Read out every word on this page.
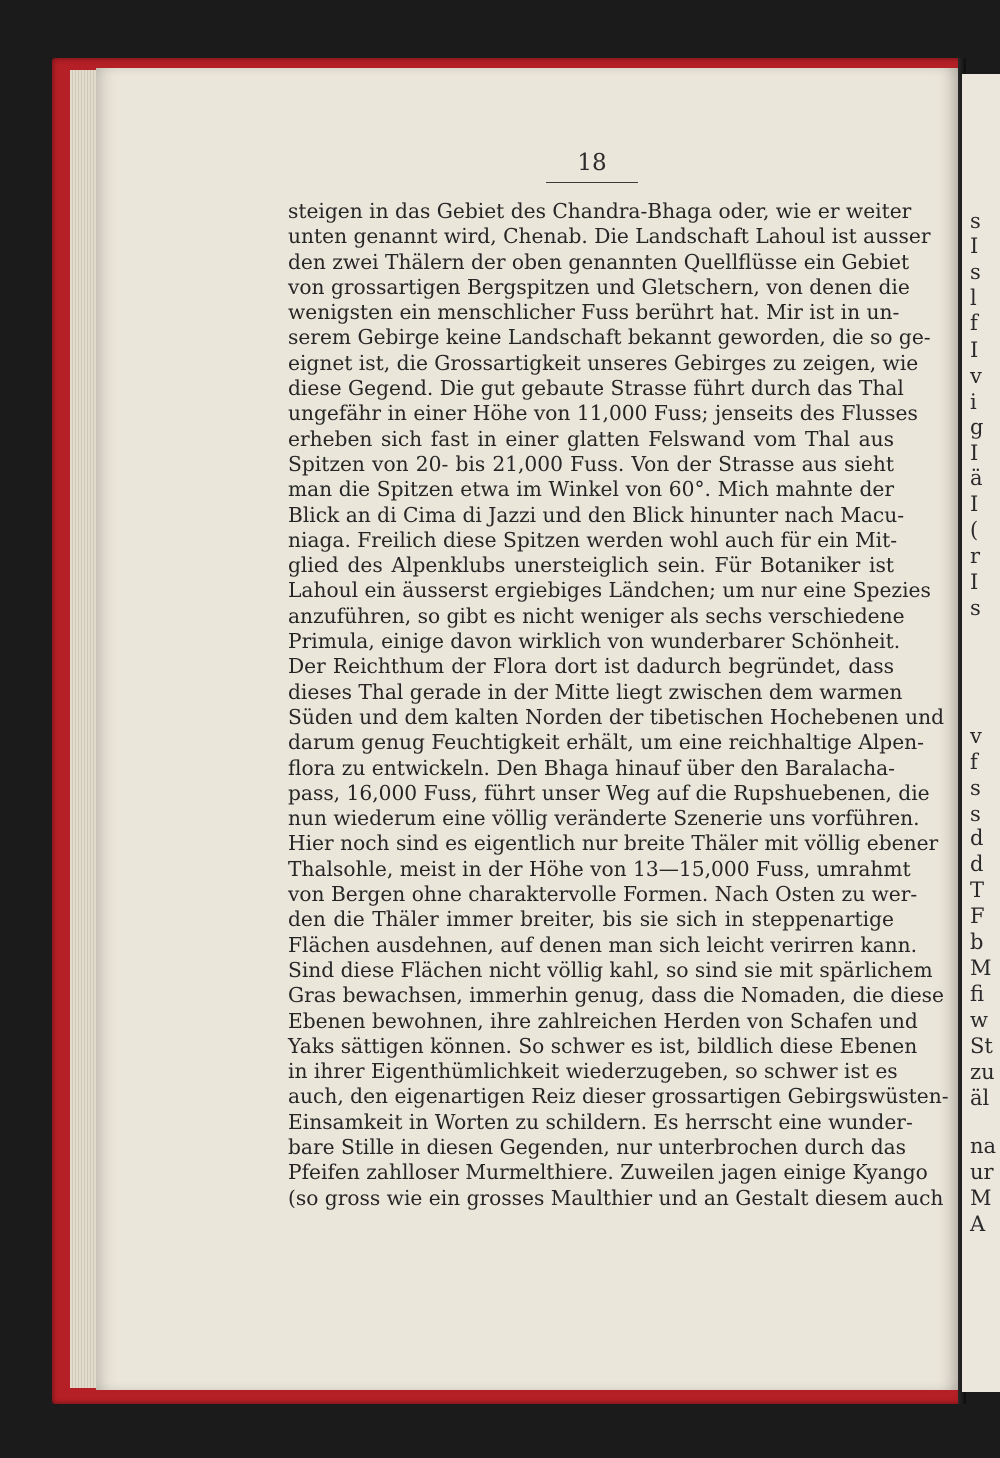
s
I
s
l
f
I
v
i
g
I
ä
I
(
r
I
s
v
f
s
s
d
d
T
F
b
M
fi
w
St
zu
äl
na
ur
M
A
18
steigen in das Gebiet des Chandra-Bhaga oder, wie er weiter
unten genannt wird, Chenab. Die Landschaft Lahoul ist ausser
den zwei Thälern der oben genannten Quellflüsse ein Gebiet
von grossartigen Bergspitzen und Gletschern, von denen die
wenigsten ein menschlicher Fuss berührt hat. Mir ist in un-
serem Gebirge keine Landschaft bekannt geworden, die so ge-
eignet ist, die Grossartigkeit unseres Gebirges zu zeigen, wie
diese Gegend. Die gut gebaute Strasse führt durch das Thal
ungefähr in einer Höhe von 11,000 Fuss; jenseits des Flusses
erheben sich fast in einer glatten Felswand vom Thal aus
Spitzen von 20- bis 21,000 Fuss. Von der Strasse aus sieht
man die Spitzen etwa im Winkel von 60°. Mich mahnte der
Blick an di Cima di Jazzi und den Blick hinunter nach Macu-
niaga. Freilich diese Spitzen werden wohl auch für ein Mit-
glied des Alpenklubs unersteiglich sein. Für Botaniker ist
Lahoul ein äusserst ergiebiges Ländchen; um nur eine Spezies
anzuführen, so gibt es nicht weniger als sechs verschiedene
Primula, einige davon wirklich von wunderbarer Schönheit.
Der Reichthum der Flora dort ist dadurch begründet, dass
dieses Thal gerade in der Mitte liegt zwischen dem warmen
Süden und dem kalten Norden der tibetischen Hochebenen und
darum genug Feuchtigkeit erhält, um eine reichhaltige Alpen-
flora zu entwickeln. Den Bhaga hinauf über den Baralacha-
pass, 16,000 Fuss, führt unser Weg auf die Rupshuebenen, die
nun wiederum eine völlig veränderte Szenerie uns vorführen.
Hier noch sind es eigentlich nur breite Thäler mit völlig ebener
Thalsohle, meist in der Höhe von 13—15,000 Fuss, umrahmt
von Bergen ohne charaktervolle Formen. Nach Osten zu wer-
den die Thäler immer breiter, bis sie sich in steppenartige
Flächen ausdehnen, auf denen man sich leicht verirren kann.
Sind diese Flächen nicht völlig kahl, so sind sie mit spärlichem
Gras bewachsen, immerhin genug, dass die Nomaden, die diese
Ebenen bewohnen, ihre zahlreichen Herden von Schafen und
Yaks sättigen können. So schwer es ist, bildlich diese Ebenen
in ihrer Eigenthümlichkeit wiederzugeben, so schwer ist es
auch, den eigenartigen Reiz dieser grossartigen Gebirgswüsten-
Einsamkeit in Worten zu schildern. Es herrscht eine wunder-
bare Stille in diesen Gegenden, nur unterbrochen durch das
Pfeifen zahlloser Murmelthiere. Zuweilen jagen einige Kyango
(so gross wie ein grosses Maulthier und an Gestalt diesem auch
